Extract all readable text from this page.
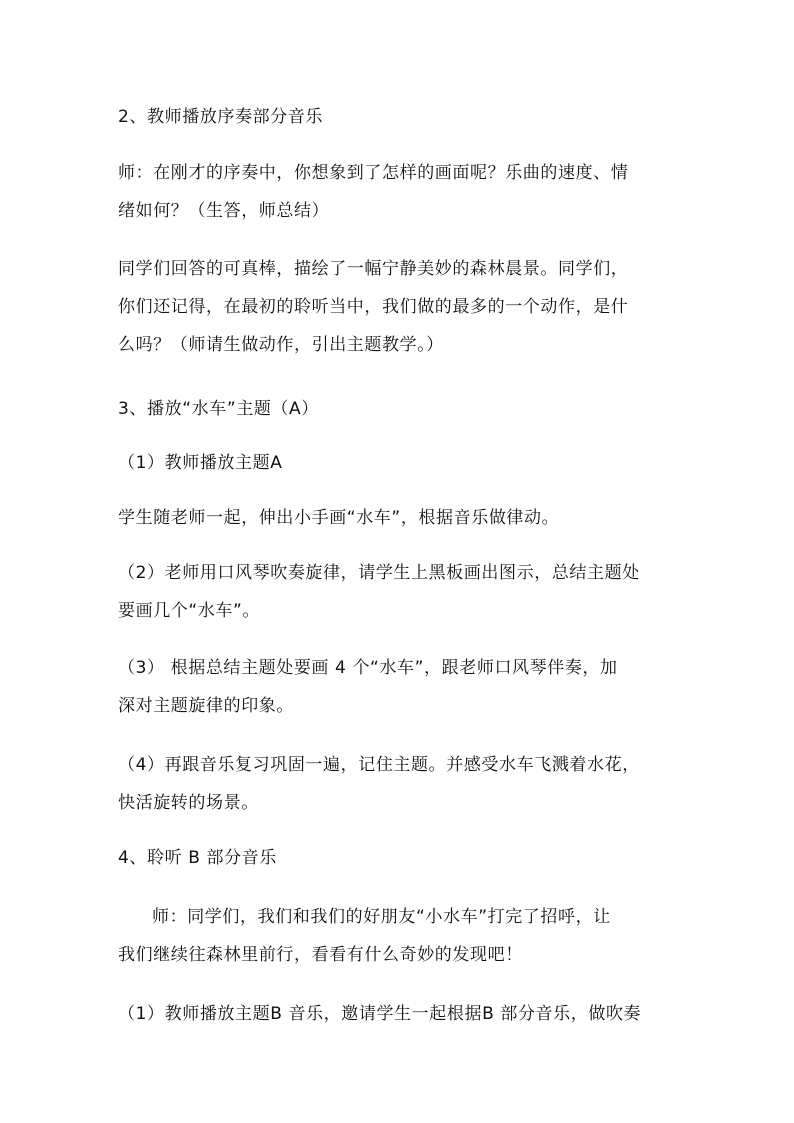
2、教师播放序奏部分音乐

师：在刚才的序奏中，你想象到了怎样的画面呢？乐曲的速度、情
绪如何？（生答，师总结）

同学们回答的可真棒，描绘了一幅宁静美妙的森林晨景。同学们，
你们还记得，在最初的聆听当中，我们做的最多的一个动作，是什
么吗？（师请生做动作，引出主题教学。）

3、播放“水车”主题（A）

（1）教师播放主题A

学生随老师一起，伸出小手画“水车”，根据音乐做律动。

（2）老师用口风琴吹奏旋律，请学生上黑板画出图示，总结主题处
要画几个“水车”。

（3） 根据总结主题处要画 4 个“水车”，跟老师口风琴伴奏，加
深对主题旋律的印象。

（4）再跟音乐复习巩固一遍，记住主题。并感受水车飞溅着水花，
快活旋转的场景。

4、聆听 B 部分音乐

师：同学们，我们和我们的好朋友“小水车”打完了招呼，让
我们继续往森林里前行，看看有什么奇妙的发现吧！

（1）教师播放主题B 音乐，邀请学生一起根据B 部分音乐，做吹奏
